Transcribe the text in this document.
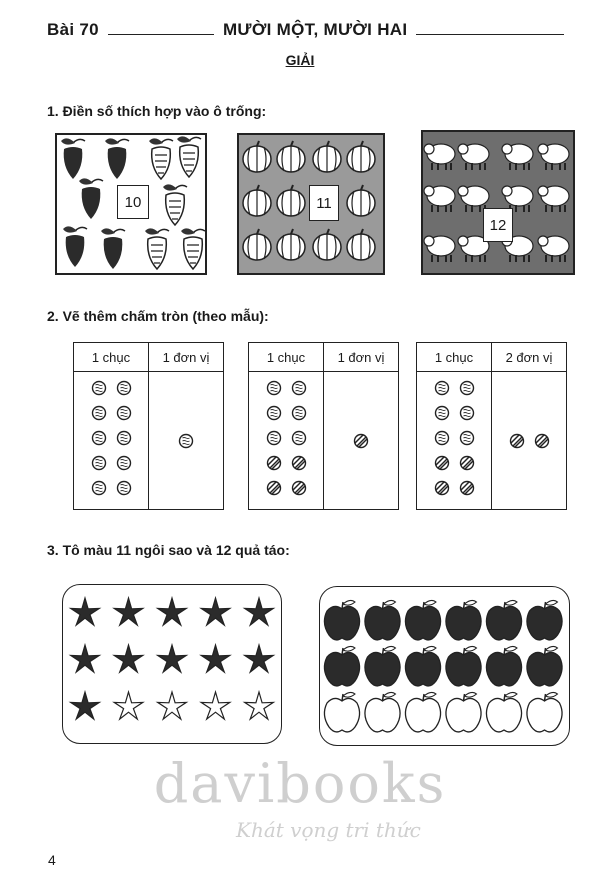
Bài 70	MƯỜI MỘT, MƯỜI HAI
GIẢI
1. Điền số thích hợp vào ô trống:
10	11
12
2. Vẽ thêm chấm tròn (theo mẫu):
1 chục	1 đơn vị

		1 chục	1 đơn vị

		1 chục	2 đơn vị

3. Tô màu 11 ngôi sao và 12 quả táo:
davibooks
Khát vọng tri thức
4
